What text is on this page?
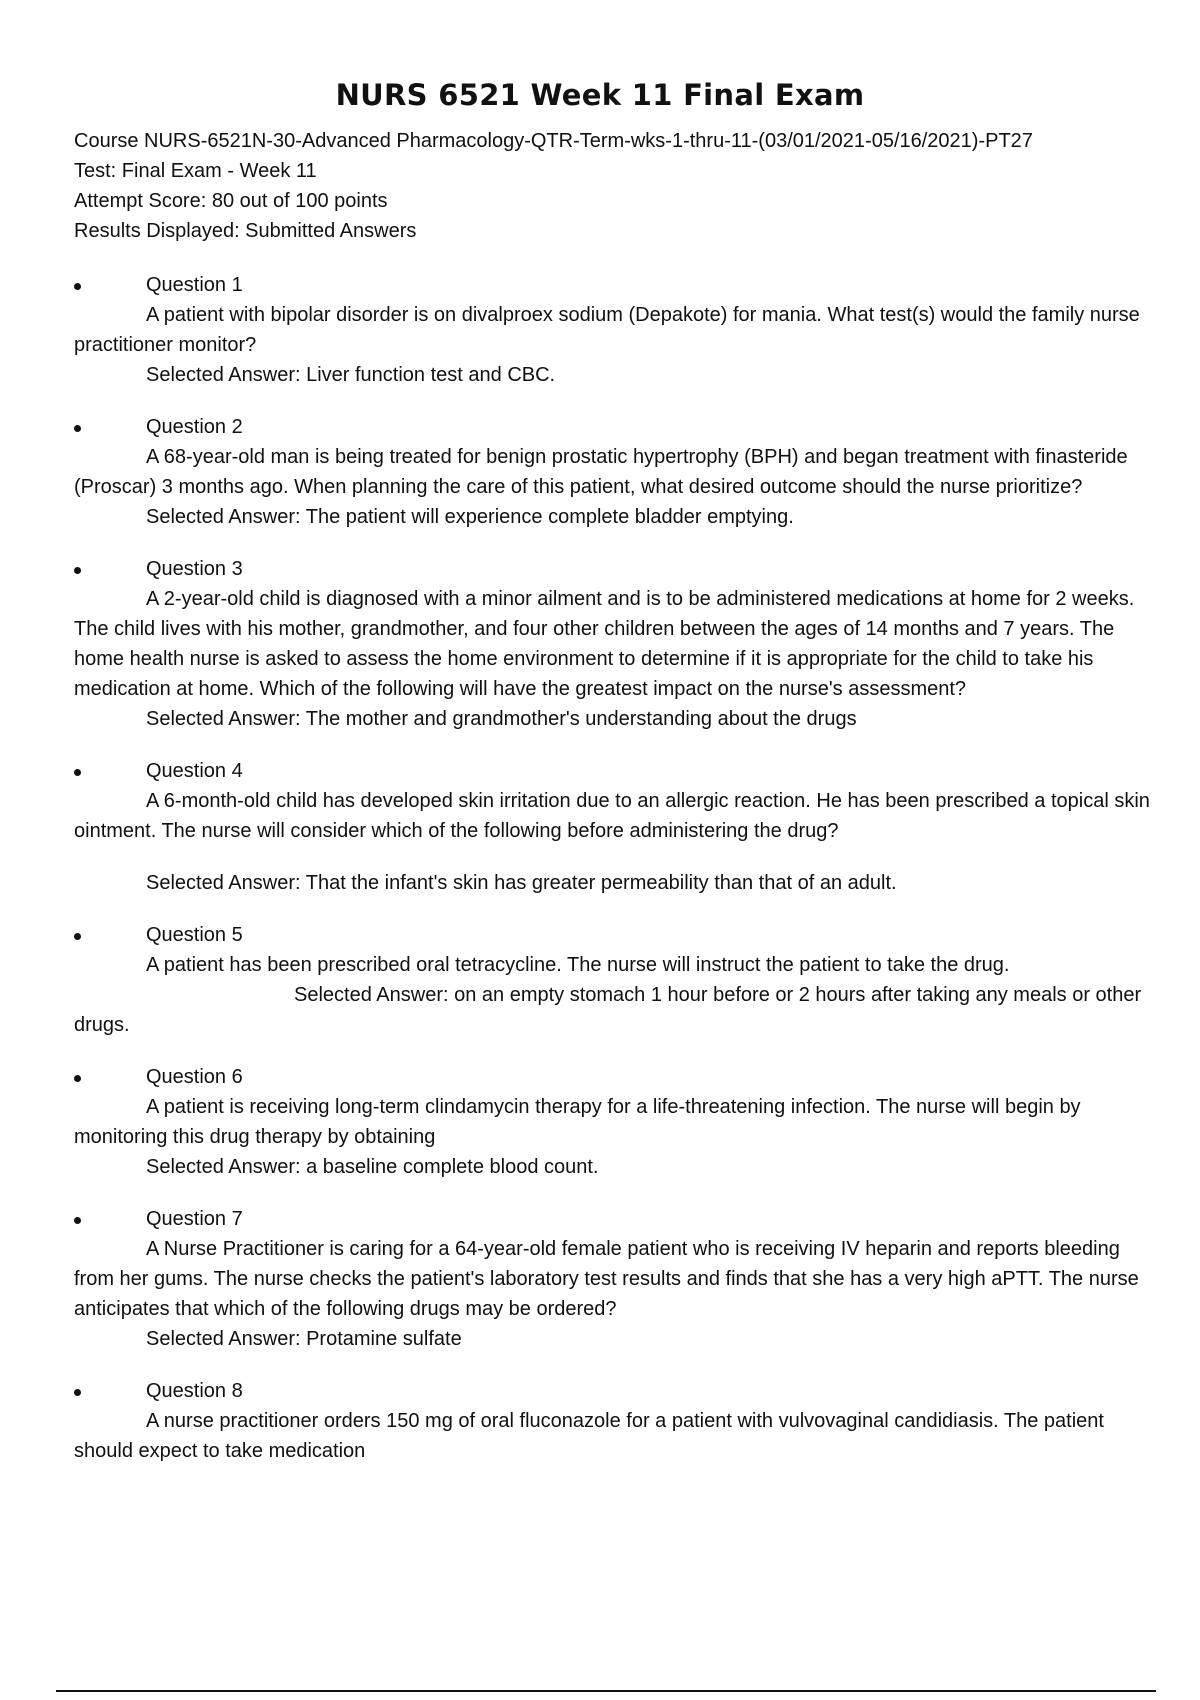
NURS 6521 Week 11 Final Exam
Course NURS-6521N-30-Advanced Pharmacology-QTR-Term-wks-1-thru-11-(03/01/2021-05/16/2021)-PT27
Test: Final Exam - Week 11
Attempt Score: 80 out of 100 points
Results Displayed: Submitted Answers
Question 1

A patient with bipolar disorder is on divalproex sodium (Depakote) for mania. What test(s) would the family nurse practitioner monitor?

Selected Answer: Liver function test and CBC.
Question 2

A 68-year-old man is being treated for benign prostatic hypertrophy (BPH) and began treatment with finasteride (Proscar) 3 months ago. When planning the care of this patient, what desired outcome should the nurse prioritize?

Selected Answer: The patient will experience complete bladder emptying.
Question 3

A 2-year-old child is diagnosed with a minor ailment and is to be administered medications at home for 2 weeks. The child lives with his mother, grandmother, and four other children between the ages of 14 months and 7 years. The home health nurse is asked to assess the home environment to determine if it is appropriate for the child to take his medication at home. Which of the following will have the greatest impact on the nurse's assessment?

Selected Answer: The mother and grandmother's understanding about the drugs
Question 4

A 6-month-old child has developed skin irritation due to an allergic reaction. He has been prescribed a topical skin ointment. The nurse will consider which of the following before administering the drug?

Selected Answer: That the infant's skin has greater permeability than that of an adult.
Question 5

A patient has been prescribed oral tetracycline. The nurse will instruct the patient to take the drug.

Selected Answer: on an empty stomach 1 hour before or 2 hours after taking any meals or other drugs.

Question 6

A patient is receiving long-term clindamycin therapy for a life-threatening infection. The nurse will begin by monitoring this drug therapy by obtaining

Selected Answer: a baseline complete blood count.
Question 7

A Nurse Practitioner is caring for a 64-year-old female patient who is receiving IV heparin and reports bleeding from her gums. The nurse checks the patient's laboratory test results and finds that she has a very high aPTT. The nurse anticipates that which of the following drugs may be ordered?

Selected Answer: Protamine sulfate
Question 8

A nurse practitioner orders 150 mg of oral fluconazole for a patient with vulvovaginal candidiasis. The patient should expect to take medication
